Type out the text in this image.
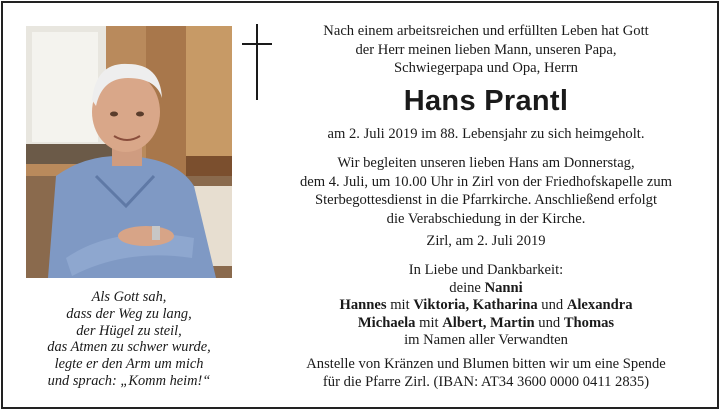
Als Gott sah,
dass der Weg zu lang,
der Hügel zu steil,
das Atmen zu schwer wurde,
legte er den Arm um mich
und sprach: „Komm heim!“
Nach einem arbeitsreichen und erfüllten Leben hat Gott
der Herr meinen lieben Mann, unseren Papa,
Schwiegerpapa und Opa, Herrn
Hans Prantl
am 2. Juli 2019 im 88. Lebensjahr zu sich heimgeholt.
Wir begleiten unseren lieben Hans am Donnerstag,
dem 4. Juli, um 10.00 Uhr in Zirl von der Friedhofskapelle zum
Sterbegottesdienst in die Pfarrkirche. Anschließend erfolgt
die Verabschiedung in der Kirche.
Zirl, am 2. Juli 2019
In Liebe und Dankbarkeit:
deine Nanni
Hannes mit Viktoria, Katharina und Alexandra
Michaela mit Albert, Martin und Thomas
im Namen aller Verwandten
Anstelle von Kränzen und Blumen bitten wir um eine Spende
für die Pfarre Zirl. (IBAN: AT34 3600 0000 0411 2835)
